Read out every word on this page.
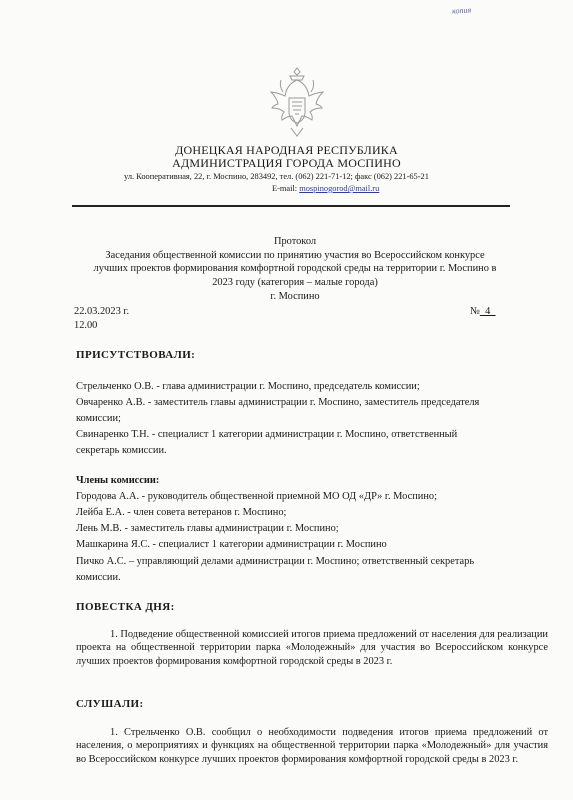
копия
ДОНЕЦКАЯ НАРОДНАЯ РЕСПУБЛИКА
АДМИНИСТРАЦИЯ ГОРОДА МОСПИНО
ул. Кооперативная, 22, г. Моспино, 283492, тел. (062) 221-71-12; факс (062) 221-65-21
E-mail: mospinogorod@mail.ru
Протокол
Заседания общественной комиссии по принятию участия во Всероссийском конкурсе
лучших проектов формирования комфортной городской среды на территории г. Моспино в
2023 году (категория – малые города)
г. Моспино
22.03.2023 г.
12.00
№_4_
ПРИСУТСТВОВАЛИ:
Стрельченко О.В. - глава администрации г. Моспино, председатель комиссии;
Овчаренко А.В. - заместитель главы администрации г. Моспино, заместитель председателя
комиссии;
Свинаренко Т.Н. - специалист 1 категории администрации г. Моспино, ответственный
секретарь комиссии.
Члены комиссии:
Городова А.А. - руководитель общественной приемной МО ОД «ДР» г. Моспино;
Лейба Е.А. - член совета ветеранов г. Моспино;
Лень М.В. - заместитель главы администрации г. Моспино;
Машкарина Я.С. - специалист 1 категории администрации г. Моспино
Пичко А.С. – управляющий делами администрации г. Моспино; ответственный секретарь
комиссии.
ПОВЕСТКА ДНЯ:

1. Подведение общественной комиссией итогов приема предложений от населения для реализации проекта на общественной территории парка «Молодежный» для участия во Всероссийском конкурсе лучших проектов формирования комфортной городской среды в 2023 г.

СЛУШАЛИ:

1. Стрельченко О.В. сообщил о необходимости подведения итогов приема предложений от населения, о мероприятиях и функциях на общественной территории парка «Молодежный» для участия во Всероссийском конкурсе лучших проектов формирования комфортной городской среды в 2023 г.
